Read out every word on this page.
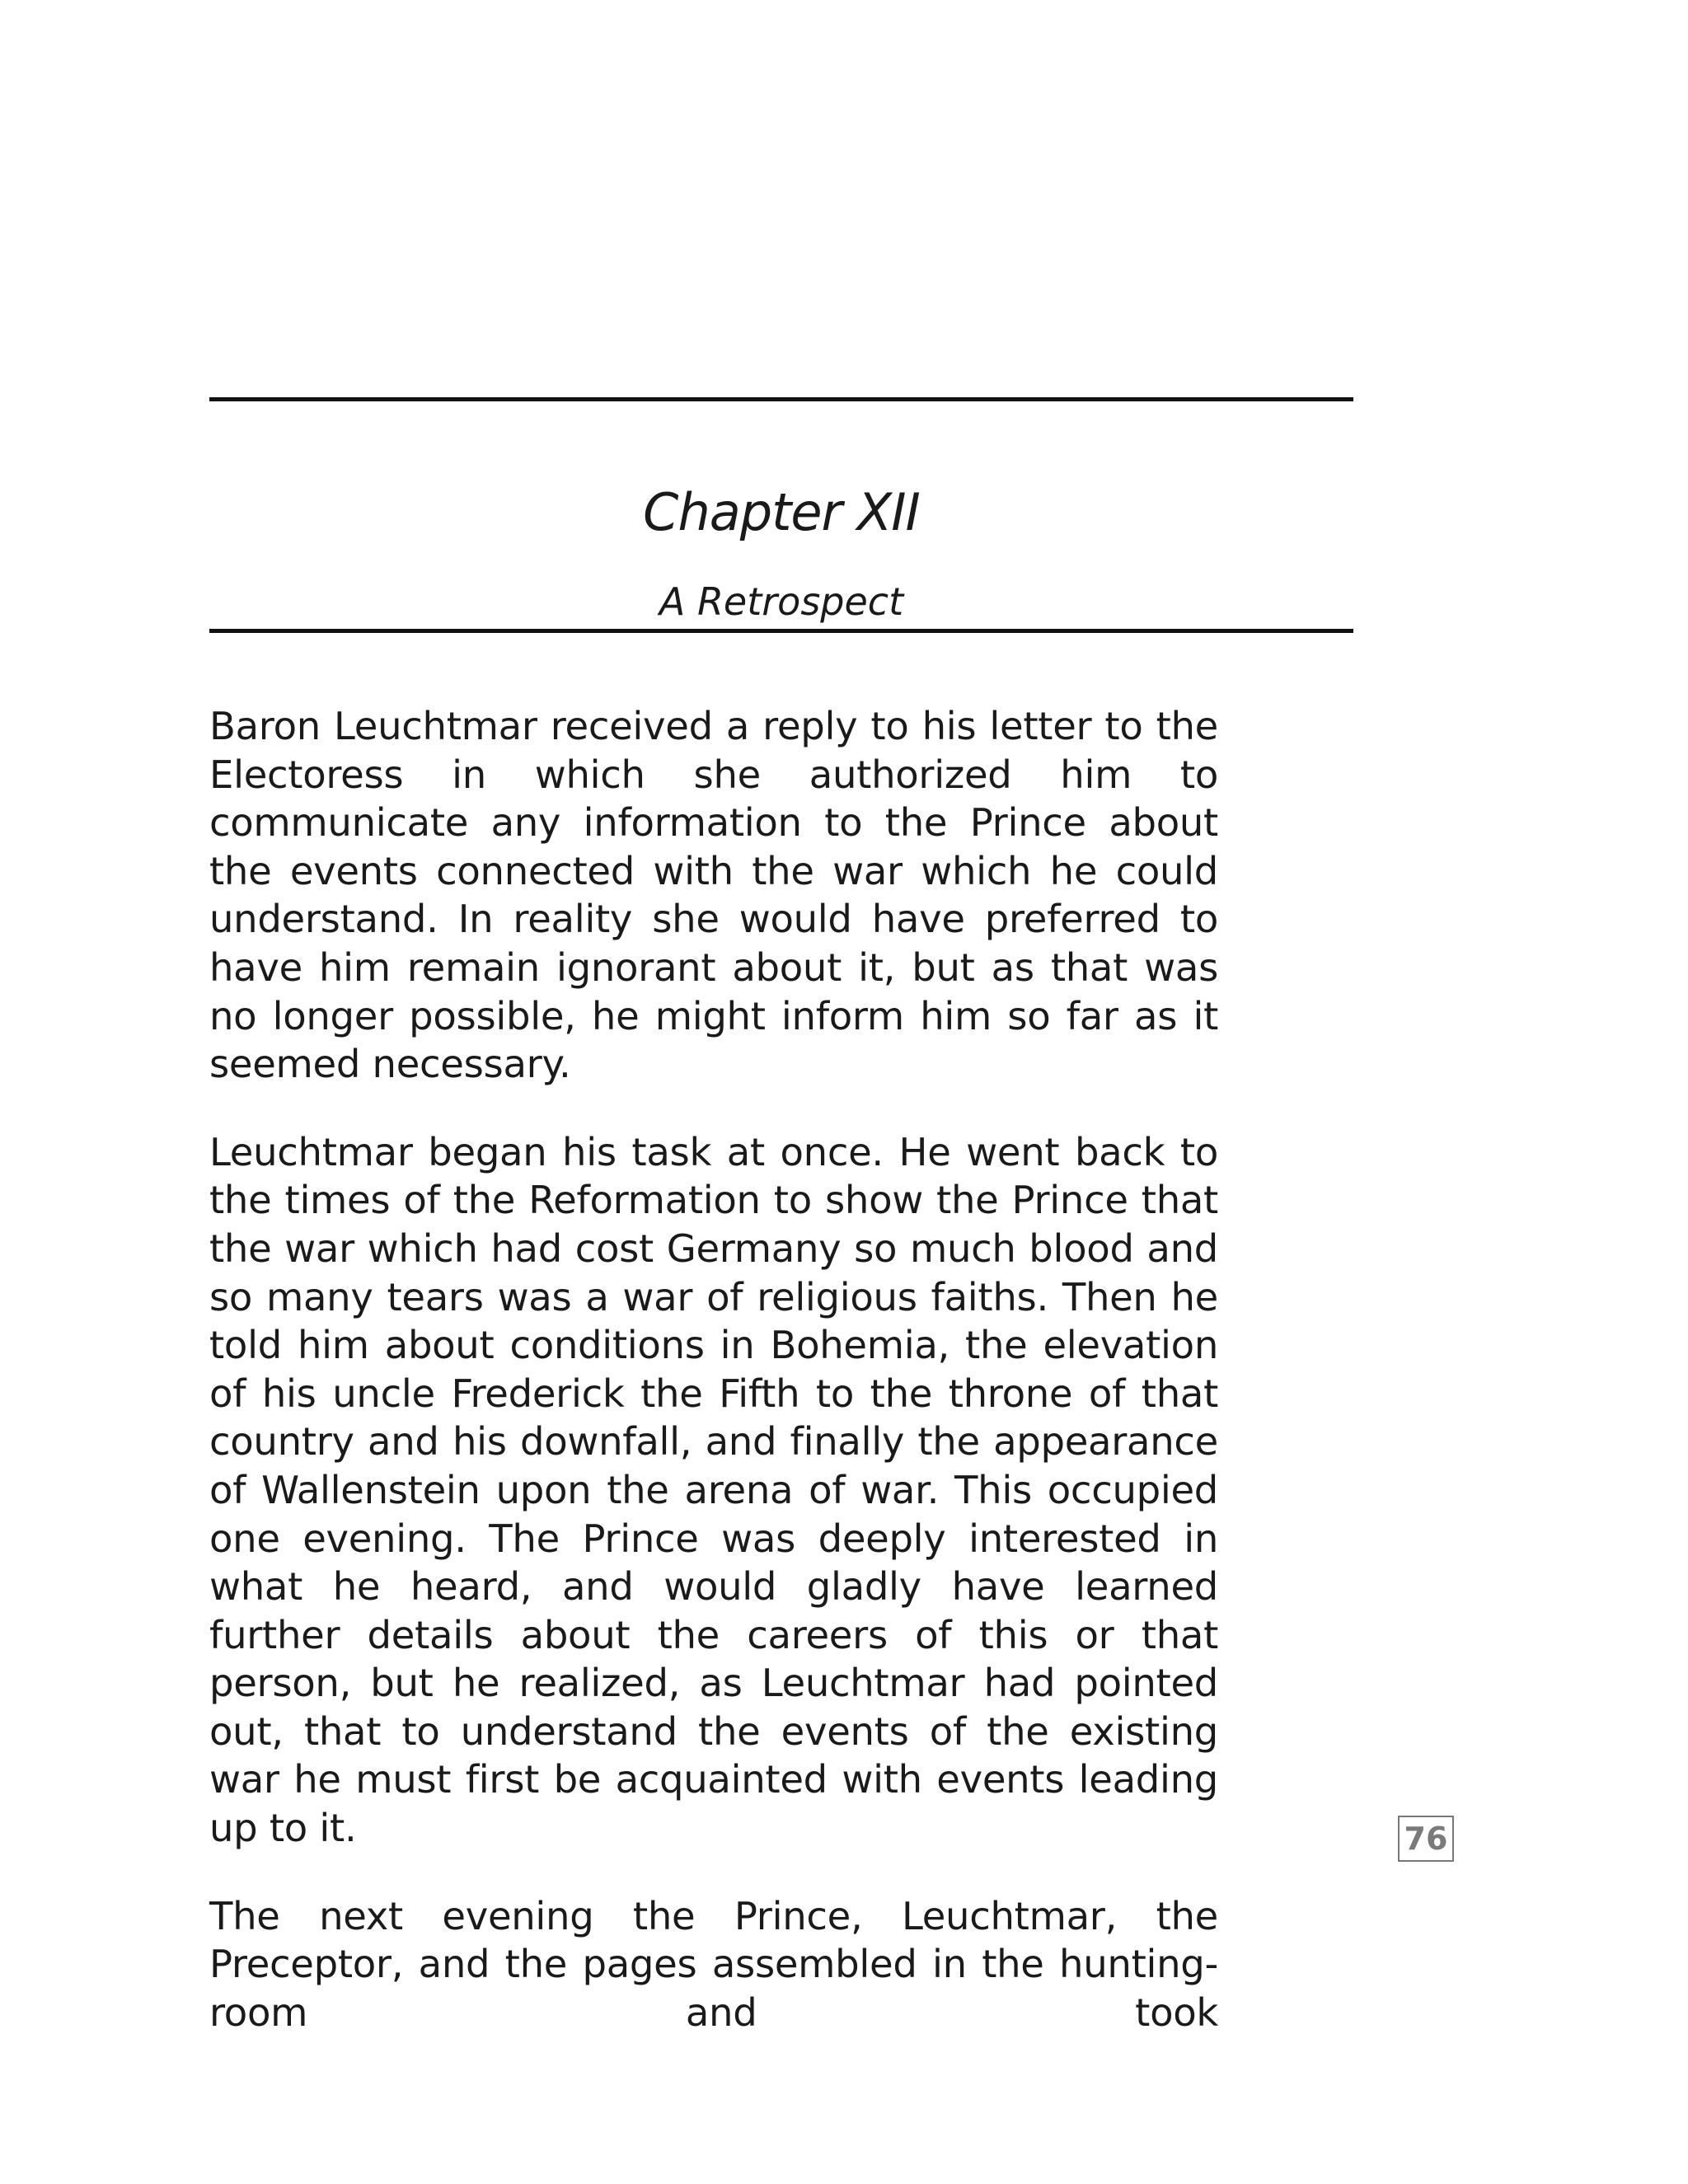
Chapter XII
A Retrospect

Baron Leuchtmar received a reply to his letter to the Electoress in which she authorized him to communicate any information to the Prince about the events connected with the war which he could understand. In reality she would have preferred to have him remain ignorant about it, but as that was no longer possible, he might inform him so far as it seemed necessary.

Leuchtmar began his task at once. He went back to the times of the Reformation to show the Prince that the war which had cost Germany so much blood and so many tears was a war of religious faiths. Then he told him about conditions in Bohemia, the elevation of his uncle Frederick the Fifth to the throne of that country and his downfall, and finally the appearance of Wallenstein upon the arena of war. This occupied one evening. The Prince was deeply interested in what he heard, and would gladly have learned further details about the careers of this or that person, but he realized, as Leuchtmar had pointed out, that to understand the events of the existing war he must first be acquainted with events leading up to it.

The next evening the Prince, Leuchtmar, the Preceptor, and the pages assembled in the hunting-room and took

76
